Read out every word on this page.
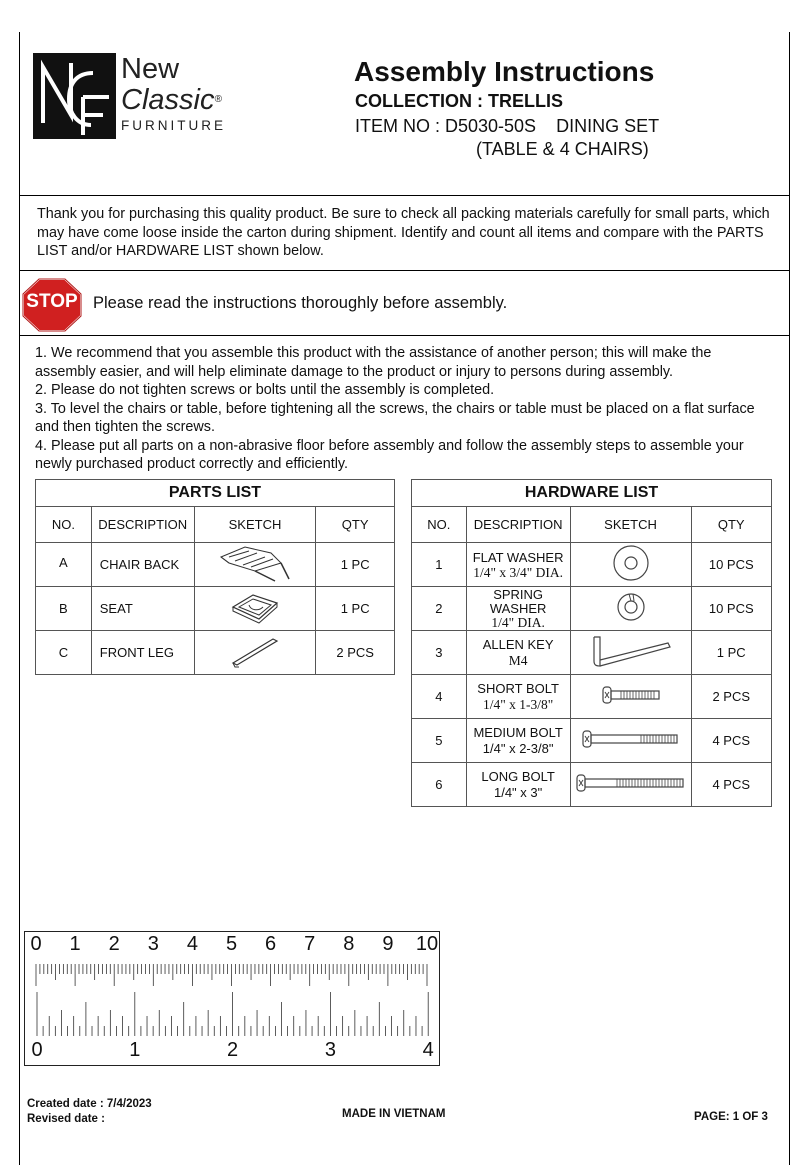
New
Classic®
FURNITURE
Assembly Instructions
COLLECTION : TRELLIS
ITEM NO : D5030-50S    DINING SET
(TABLE & 4 CHAIRS)
Thank you for purchasing this quality product. Be sure to check all packing materials carefully for small parts, which may have come loose inside the carton during shipment. Identify and count all items and compare with the PARTS LIST and/or HARDWARE LIST shown below.
STOP Please read the instructions thoroughly before assembly.
1. We recommend that you assemble this product with the assistance of another person; this will make the assembly easier, and will help eliminate damage to the product or injury to persons during assembly.
2. Please do not tighten screws or bolts until the assembly is completed.
3. To level the chairs or table, before tightening all the screws, the chairs or table must be placed on a flat surface and then tighten the screws.
4. Please put all parts on a non-abrasive floor before assembly and follow the assembly steps to assemble your newly purchased product correctly and efficiently.
PARTS LIST			
NO.	DESCRIPTION	SKETCH	QTY
A	CHAIR BACK		1 PC
B	SEAT		1 PC
C	FRONT LEG		2 PCS
HARDWARE LIST			
NO.	DESCRIPTION	SKETCH	QTY
1	FLAT WASHER
1/4" x 3/4" DIA.		10 PCS
2	SPRING
WASHER
1/4" DIA.		10 PCS
3	ALLEN KEY
M4		1 PC
4	SHORT BOLT
1/4" x 1-3/8"		2 PCS
5	MEDIUM BOLT
1/4" x 2-3/8"		4 PCS
6	LONG BOLT
1/4" x 3"		4 PCS
0 1 2 3 4 5 6 7 8 9 10
0	1	2	3	4
Created date : 7/4/2023
Revised date :	MADE IN VIETNAM	PAGE: 1 OF 3
